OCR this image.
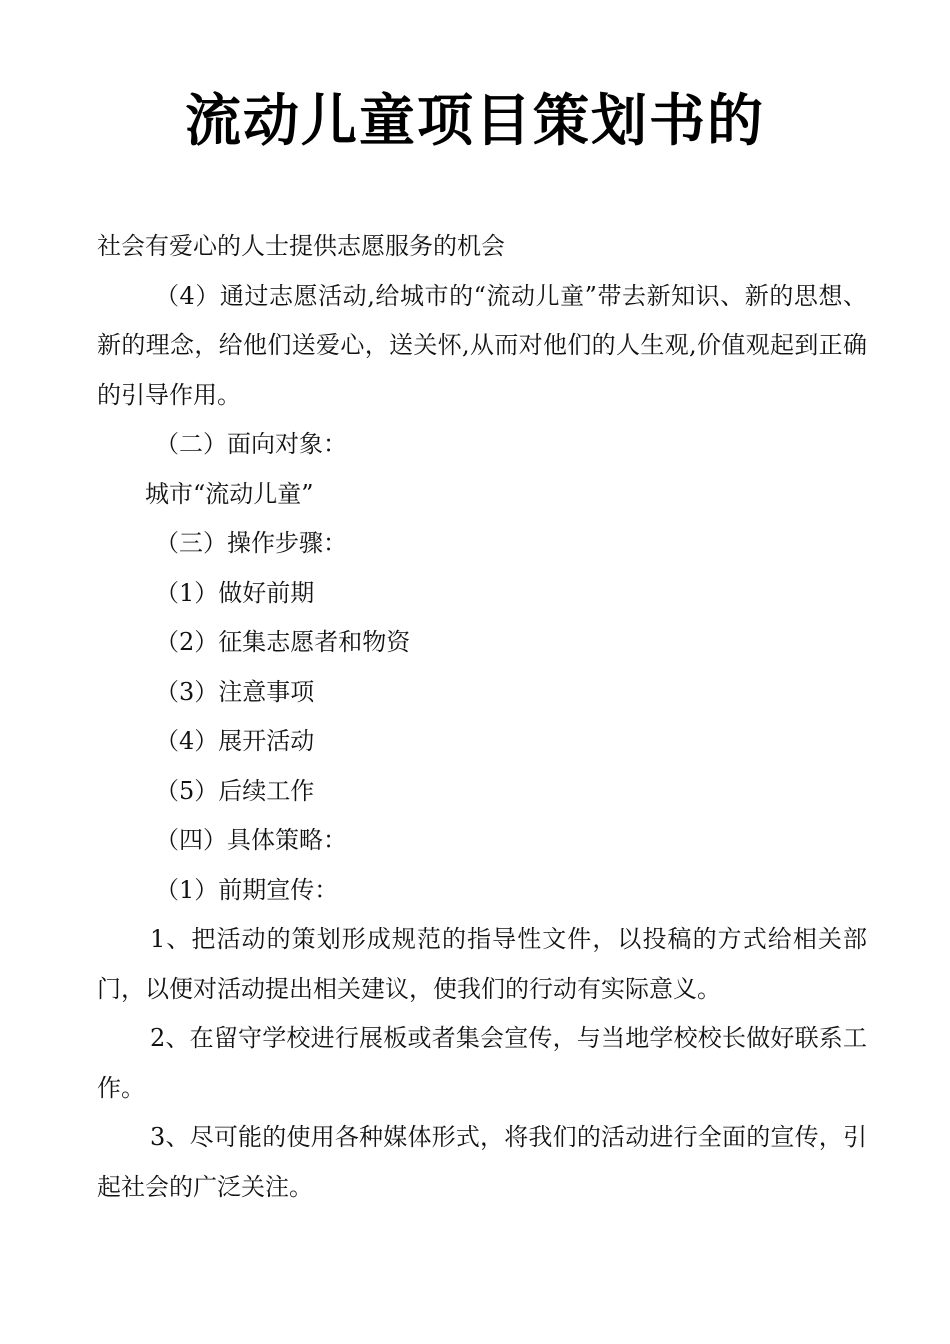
流动儿童项目策划书的

社会有爱心的人士提供志愿服务的机会

（4）通过志愿活动,给城市的“流动儿童”带去新知识、新的思想、新的理念，给他们送爱心，送关怀,从而对他们的人生观,价值观起到正确的引导作用。

（二）面向对象：

城市“流动儿童”

（三）操作步骤：

（1）做好前期

（2）征集志愿者和物资

（3）注意事项

（4）展开活动

（5）后续工作

（四）具体策略：

（1）前期宣传：

1、把活动的策划形成规范的指导性文件，以投稿的方式给相关部门，以便对活动提出相关建议，使我们的行动有实际意义。

2、在留守学校进行展板或者集会宣传，与当地学校校长做好联系工作。

3、尽可能的使用各种媒体形式，将我们的活动进行全面的宣传，引起社会的广泛关注。
